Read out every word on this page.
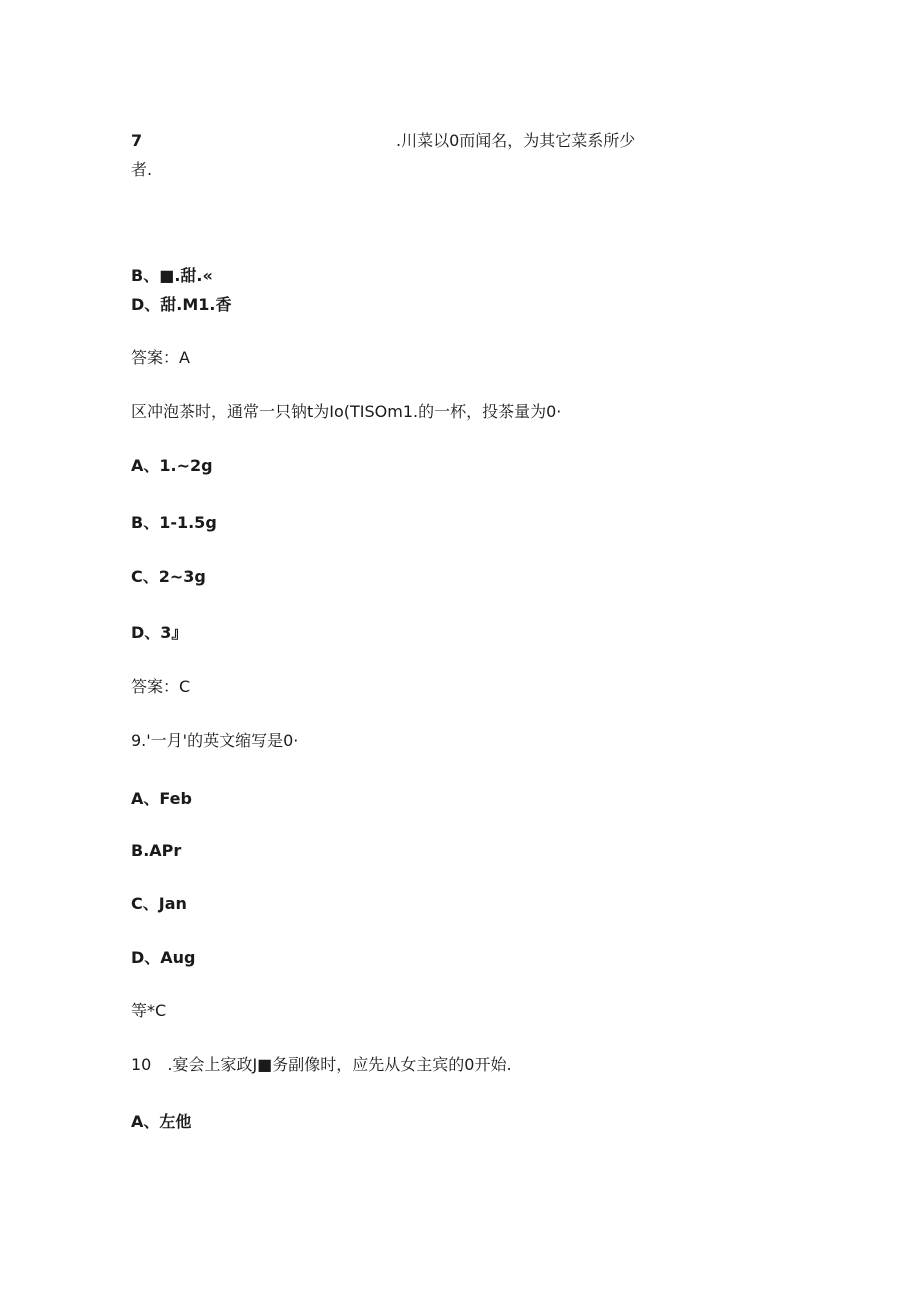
7	.川菜以0而闻名，为其它菜系所少
者.
B、■.甜.«
D、甜.M1.香
答案：A
区冲泡茶时，通常一只钠t为Io(TISOm1.的一杯，投茶量为0·
A、1.~2g
B、1-1.5g
C、2~3g
D、3』
答案：C
9.'一月'的英文缩写是0·
A、Feb
B.APr
C、Jan
D、Aug
等*C
10　.宴会上家政J■务副像时，应先从女主宾的0开始.
A、左他
